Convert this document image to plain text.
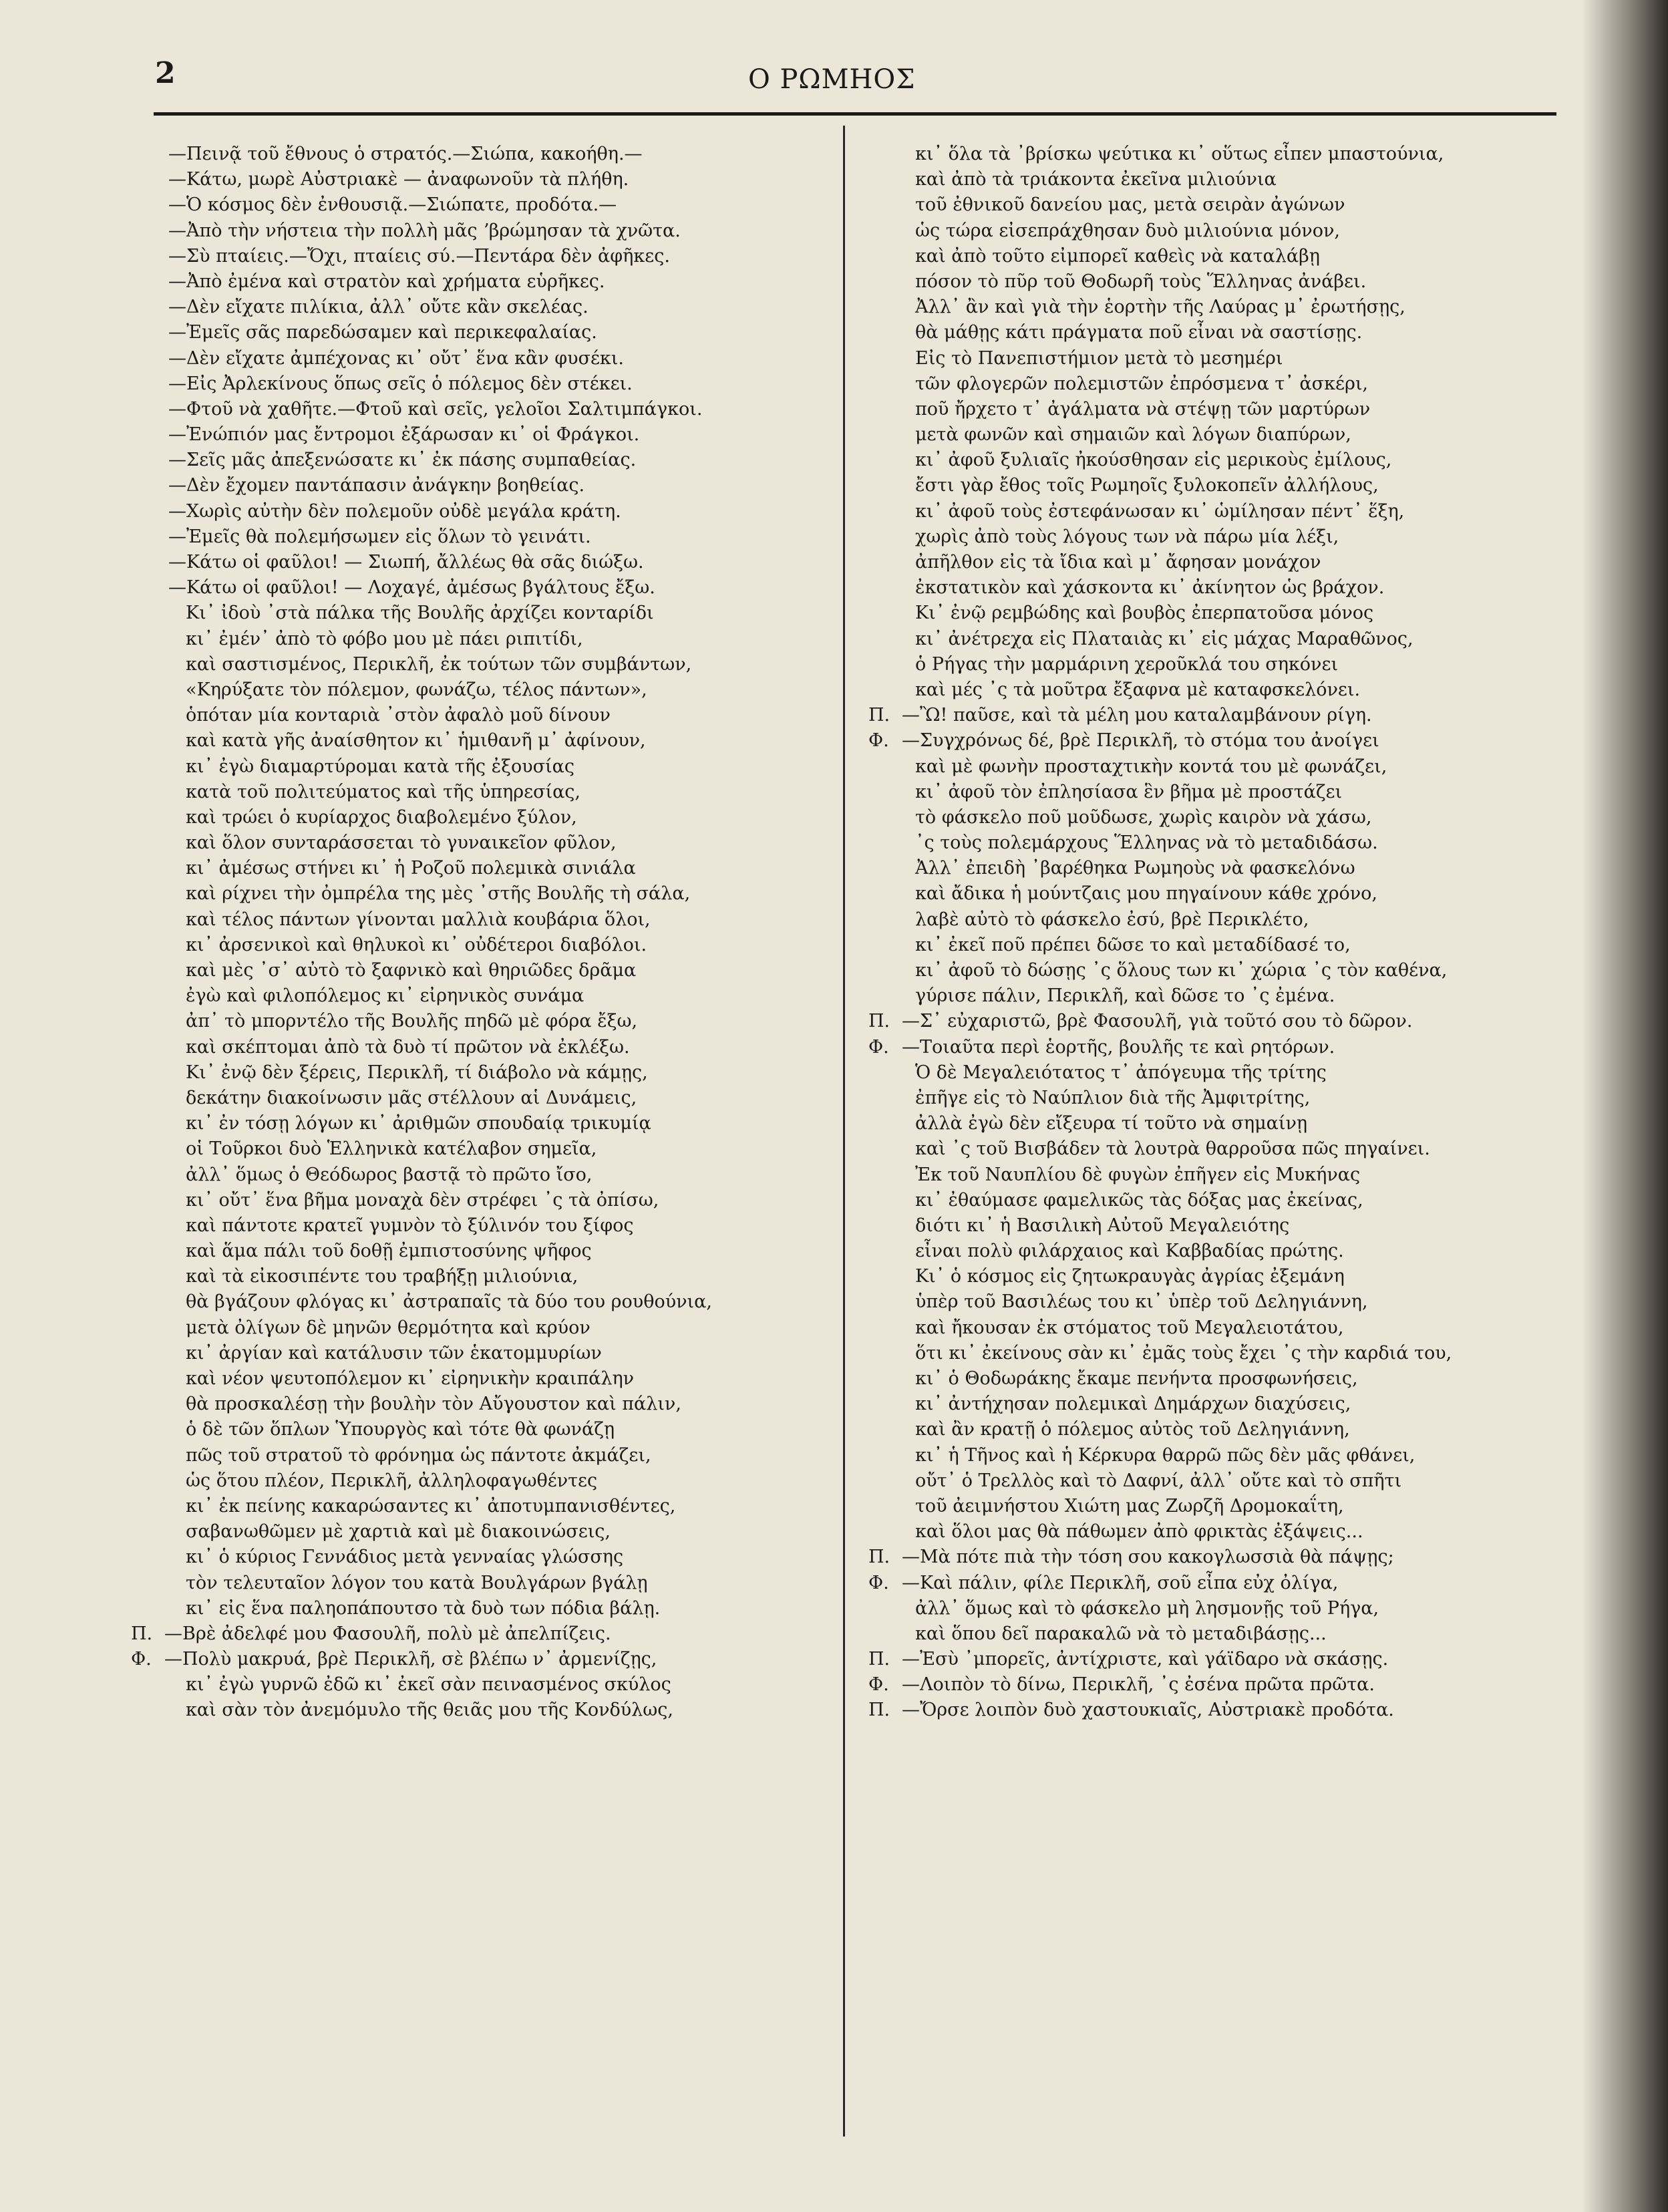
2	Ο ΡΩΜΗΟΣ
—Πεινᾷ τοῦ ἔθνους ὁ στρατός.—Σιώπα, κακοήθη.—
—Κάτω, μωρὲ Αὐστριακὲ — ἀναφωνοῦν τὰ πλήθη.
—Ὁ κόσμος δὲν ἐνθουσιᾷ.—Σιώπατε, προδότα.—
—Ἀπὸ τὴν νήστεια τὴν πολλὴ μᾶς ʼβρώμησαν τὰ χνῶτα.
—Σὺ πταίεις.—Ὄχι, πταίεις σύ.—Πεντάρα δὲν ἀφῆκες.
—Ἀπὸ ἐμένα καὶ στρατὸν καὶ χρήματα εὑρῆκες.
—Δὲν εἴχατε πιλίκια, ἀλλ᾽ οὔτε κἂν σκελέας.
—Ἐμεῖς σᾶς παρεδώσαμεν καὶ περικεφαλαίας.
—Δὲν εἴχατε ἀμπέχονας κι᾽ οὔτ᾽ ἕνα κἂν φυσέκι.
—Εἰς Ἀρλεκίνους ὅπως σεῖς ὁ πόλεμος δὲν στέκει.
—Φτοῦ νὰ χαθῆτε.—Φτοῦ καὶ σεῖς, γελοῖοι Σαλτιμπάγκοι.
—Ἐνώπιόν μας ἔντρομοι ἐξάρωσαν κι᾽ οἱ Φράγκοι.
—Σεῖς μᾶς ἀπεξενώσατε κι᾽ ἐκ πάσης συμπαθείας.
—Δὲν ἔχομεν παντάπασιν ἀνάγκην βοηθείας.
—Χωρὶς αὐτὴν δὲν πολεμοῦν οὐδὲ μεγάλα κράτη.
—Ἐμεῖς θὰ πολεμήσωμεν εἰς ὅλων τὸ γεινάτι.
—Κάτω οἱ φαῦλοι! — Σιωπή, ἄλλέως θὰ σᾶς διώξω.
—Κάτω οἱ φαῦλοι! — Λοχαγέ, ἀμέσως βγάλτους ἔξω.
Κι᾽ ἰδοὺ ᾽στὰ πάλκα τῆς Βουλῆς ἀρχίζει κονταρίδι
κι᾽ ἐμέν᾽ ἀπὸ τὸ φόβο μου μὲ πάει ριπιτίδι,
καὶ σαστισμένος, Περικλῆ, ἐκ τούτων τῶν συμβάντων,
«Κηρύξατε τὸν πόλεμον, φωνάζω, τέλος πάντων»,
ὁπόταν μία κονταριὰ ᾽στὸν ἀφαλὸ μοῦ δίνουν
καὶ κατὰ γῆς ἀναίσθητον κι᾽ ἡμιθανῆ μ᾽ ἀφίνουν,
κι᾽ ἐγὼ διαμαρτύρομαι κατὰ τῆς ἐξουσίας
κατὰ τοῦ πολιτεύματος καὶ τῆς ὑπηρεσίας,
καὶ τρώει ὁ κυρίαρχος διαβολεμένο ξύλον,
καὶ ὅλον συνταράσσεται τὸ γυναικεῖον φῦλον,
κι᾽ ἀμέσως στήνει κι᾽ ἡ Ροζοῦ πολεμικὰ σινιάλα
καὶ ρίχνει τὴν ὀμπρέλα της μὲς ᾽στῆς Βουλῆς τὴ σάλα,
καὶ τέλος πάντων γίνονται μαλλιὰ κουβάρια ὅλοι,
κι᾽ ἀρσενικοὶ καὶ θηλυκοὶ κι᾽ οὐδέτεροι διαβόλοι.
καὶ μὲς ᾽σ᾽ αὐτὸ τὸ ξαφνικὸ καὶ θηριῶδες δρᾶμα
ἐγὼ καὶ φιλοπόλεμος κι᾽ εἰρηνικὸς συνάμα
ἀπ᾽ τὸ μπορντέλο τῆς Βουλῆς πηδῶ μὲ φόρα ἔξω,
καὶ σκέπτομαι ἀπὸ τὰ δυὸ τί πρῶτον νὰ ἐκλέξω.
Κι᾽ ἐνῷ δὲν ξέρεις, Περικλῆ, τί διάβολο νὰ κάμῃς,
δεκάτην διακοίνωσιν μᾶς στέλλουν αἱ Δυνάμεις,
κι᾽ ἐν τόσῃ λόγων κι᾽ ἀριθμῶν σπουδαίᾳ τρικυμίᾳ
οἱ Τοῦρκοι δυὸ Ἑλληνικὰ κατέλαβον σημεῖα,
ἀλλ᾽ ὅμως ὁ Θεόδωρος βαστᾷ τὸ πρῶτο ἴσο,
κι᾽ οὔτ᾽ ἕνα βῆμα μοναχὰ δὲν στρέφει ᾽ς τὰ ὀπίσω,
καὶ πάντοτε κρατεῖ γυμνὸν τὸ ξύλινόν του ξίφος
καὶ ἅμα πάλι τοῦ δοθῇ ἐμπιστοσύνης ψῆφος
καὶ τὰ εἰκοσιπέντε του τραβήξῃ μιλιούνια,
θὰ βγάζουν φλόγας κι᾽ ἀστραπαῖς τὰ δύο του ρουθούνια,
μετὰ ὀλίγων δὲ μηνῶν θερμότητα καὶ κρύον
κι᾽ ἀργίαν καὶ κατάλυσιν τῶν ἑκατομμυρίων
καὶ νέον ψευτοπόλεμον κι᾽ εἰρηνικὴν κραιπάλην
θὰ προσκαλέσῃ τὴν βουλὴν τὸν Αὔγουστον καὶ πάλιν,
ὁ δὲ τῶν ὅπλων Ὑπουργὸς καὶ τότε θὰ φωνάζῃ
πῶς τοῦ στρατοῦ τὸ φρόνημα ὡς πάντοτε ἀκμάζει,
ὡς ὅτου πλέον, Περικλῆ, ἀλληλοφαγωθέντες
κι᾽ ἐκ πείνης κακαρώσαντες κι᾽ ἀποτυμπανισθέντες,
σαβανωθῶμεν μὲ χαρτιὰ καὶ μὲ διακοινώσεις,
κι᾽ ὁ κύριος Γεννάδιος μετὰ γενναίας γλώσσης
τὸν τελευταῖον λόγον του κατὰ Βουλγάρων βγάλῃ
κι᾽ εἰς ἕνα παληοπάπουτσο τὰ δυὸ των πόδια βάλῃ.
Π. —Βρὲ ἀδελφέ μου Φασουλῆ, πολὺ μὲ ἀπελπίζεις.
Φ. —Πολὺ μακρυά, βρὲ Περικλῆ, σὲ βλέπω ν᾽ ἀρμενίζῃς,
κι᾽ ἐγὼ γυρνῶ ἐδῶ κι᾽ ἐκεῖ σὰν πεινασμένος σκύλος
καὶ σὰν τὸν ἀνεμόμυλο τῆς θειᾶς μου τῆς Κονδύλως,
κι᾽ ὅλα τὰ ᾽βρίσκω ψεύτικα κι᾽ οὕτως εἶπεν μπαστούνια,
καὶ ἀπὸ τὰ τριάκοντα ἐκεῖνα μιλιούνια
τοῦ ἐθνικοῦ δανείου μας, μετὰ σειρὰν ἀγώνων
ὡς τώρα εἰσεπράχθησαν δυὸ μιλιούνια μόνον,
καὶ ἀπὸ τοῦτο εἰμπορεῖ καθεὶς νὰ καταλάβῃ
πόσον τὸ πῦρ τοῦ Θοδωρῆ τοὺς Ἕλληνας ἀνάβει.
Ἀλλ᾽ ἂν καὶ γιὰ τὴν ἑορτὴν τῆς Λαύρας μ᾽ ἐρωτήσῃς,
θὰ μάθῃς κάτι πράγματα ποῦ εἶναι νὰ σαστίσῃς.
Εἰς τὸ Πανεπιστήμιον μετὰ τὸ μεσημέρι
τῶν φλογερῶν πολεμιστῶν ἐπρόσμενα τ᾽ ἀσκέρι,
ποῦ ἤρχετο τ᾽ ἀγάλματα νὰ στέψῃ τῶν μαρτύρων
μετὰ φωνῶν καὶ σημαιῶν καὶ λόγων διαπύρων,
κι᾽ ἀφοῦ ξυλιαῖς ἠκούσθησαν εἰς μερικοὺς ἐμίλους,
ἔστι γὰρ ἔθος τοῖς Ρωμηοῖς ξυλοκοπεῖν ἀλλήλους,
κι᾽ ἀφοῦ τοὺς ἐστεφάνωσαν κι᾽ ὡμίλησαν πέντ᾽ ἕξη,
χωρὶς ἀπὸ τοὺς λόγους των νὰ πάρω μία λέξι,
ἀπῆλθον εἰς τὰ ἴδια καὶ μ᾽ ἄφησαν μονάχον
ἐκστατικὸν καὶ χάσκοντα κι᾽ ἀκίνητον ὡς βράχον.
Κι᾽ ἐνῷ ρεμβώδης καὶ βουβὸς ἐπερπατοῦσα μόνος
κι᾽ ἀνέτρεχα εἰς Πλαταιὰς κι᾽ εἰς μάχας Μαραθῶνος,
ὁ Ρήγας τὴν μαρμάρινη χεροῦκλά του σηκόνει
καὶ μές ᾽ς τὰ μοῦτρα ἔξαφνα μὲ καταφσκελόνει.
Π. —Ὢ! παῦσε, καὶ τὰ μέλη μου καταλαμβάνουν ρίγη.
Φ. —Συγχρόνως δέ, βρὲ Περικλῆ, τὸ στόμα του ἀνοίγει
καὶ μὲ φωνὴν προσταχτικὴν κοντά του μὲ φωνάζει,
κι᾽ ἀφοῦ τὸν ἐπλησίασα ἓν βῆμα μὲ προστάζει
τὸ φάσκελο ποῦ μοῦδωσε, χωρὶς καιρὸν νὰ χάσω,
᾽ς τοὺς πολεμάρχους Ἕλληνας νὰ τὸ μεταδιδάσω.
Ἀλλ᾽ ἐπειδὴ ᾽βαρέθηκα Ρωμηοὺς νὰ φασκελόνω
καὶ ἄδικα ἡ μούντζαις μου πηγαίνουν κάθε χρόνο,
λαβὲ αὐτὸ τὸ φάσκελο ἐσύ, βρὲ Περικλέτο,
κι᾽ ἐκεῖ ποῦ πρέπει δῶσε το καὶ μεταδίδασέ το,
κι᾽ ἀφοῦ τὸ δώσῃς ᾽ς ὅλους των κι᾽ χώρια ᾽ς τὸν καθένα,
γύρισε πάλιν, Περικλῆ, καὶ δῶσε το ᾽ς ἐμένα.
Π. —Σ᾽ εὐχαριστῶ, βρὲ Φασουλῆ, γιὰ τοῦτό σου τὸ δῶρον.
Φ. —Τοιαῦτα περὶ ἑορτῆς, βουλῆς τε καὶ ρητόρων.
Ὁ δὲ Μεγαλειότατος τ᾽ ἀπόγευμα τῆς τρίτης
ἐπῆγε εἰς τὸ Ναύπλιον διὰ τῆς Ἀμφιτρίτης,
ἀλλὰ ἐγὼ δὲν εἴξευρα τί τοῦτο νὰ σημαίνῃ
καὶ ᾽ς τοῦ Βισβάδεν τὰ λουτρὰ θαρροῦσα πῶς πηγαίνει.
Ἐκ τοῦ Ναυπλίου δὲ φυγὼν ἐπῆγεν εἰς Μυκήνας
κι᾽ ἐθαύμασε φαμελικῶς τὰς δόξας μας ἐκείνας,
διότι κι᾽ ἡ Βασιλικὴ Αὐτοῦ Μεγαλειότης
εἶναι πολὺ φιλάρχαιος καὶ Καββαδίας πρώτης.
Κι᾽ ὁ κόσμος εἰς ζητωκραυγὰς ἀγρίας ἐξεμάνη
ὑπὲρ τοῦ Βασιλέως του κι᾽ ὑπὲρ τοῦ Δεληγιάννη,
καὶ ἤκουσαν ἐκ στόματος τοῦ Μεγαλειοτάτου,
ὅτι κι᾽ ἐκείνους σὰν κι᾽ ἐμᾶς τοὺς ἔχει ᾽ς τὴν καρδιά του,
κι᾽ ὁ Θοδωράκης ἔκαμε πενήντα προσφωνήσεις,
κι᾽ ἀντήχησαν πολεμικαὶ Δημάρχων διαχύσεις,
καὶ ἂν κρατῇ ὁ πόλεμος αὐτὸς τοῦ Δεληγιάννη,
κι᾽ ἡ Τῆνος καὶ ἡ Κέρκυρα θαρρῶ πῶς δὲν μᾶς φθάνει,
οὔτ᾽ ὁ Τρελλὸς καὶ τὸ Δαφνί, ἀλλ᾽ οὔτε καὶ τὸ σπῆτι
τοῦ ἀειμνήστου Χιώτη μας Ζωρζῆ Δρομοκαΐτη,
καὶ ὅλοι μας θὰ πάθωμεν ἀπὸ φρικτὰς ἐξάψεις...
Π. —Μὰ πότε πιὰ τὴν τόση σου κακογλωσσιὰ θὰ πάψῃς;
Φ. —Καὶ πάλιν, φίλε Περικλῆ, σοῦ εἶπα εὐχ ὀλίγα,
ἀλλ᾽ ὅμως καὶ τὸ φάσκελο μὴ λησμονῇς τοῦ Ρήγα,
καὶ ὅπου δεῖ παρακαλῶ νὰ τὸ μεταδιβάσῃς...
Π. —Ἐσὺ ᾽μπορεῖς, ἀντίχριστε, καὶ γάϊδαρο νὰ σκάσῃς.
Φ. —Λοιπὸν τὸ δίνω, Περικλῆ, ᾽ς ἐσένα πρῶτα πρῶτα.
Π. —Ὄρσε λοιπὸν δυὸ χαστουκιαῖς, Αὐστριακὲ προδότα.
